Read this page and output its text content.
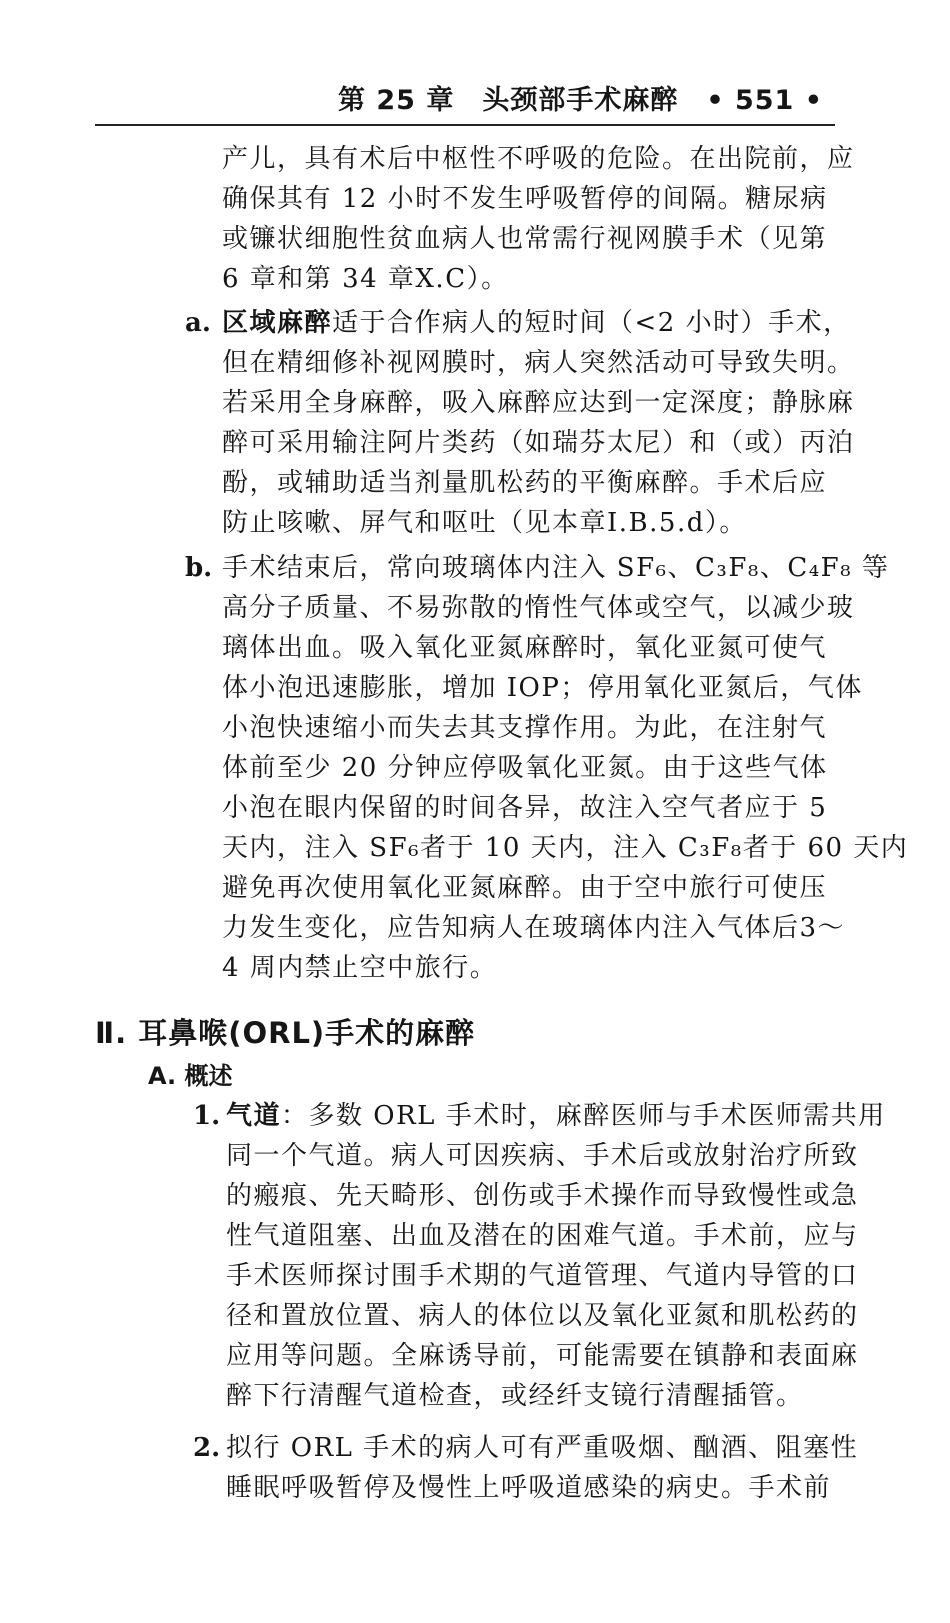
第 25 章　头颈部手术麻醉　• 551 •
产儿，具有术后中枢性不呼吸的危险。在出院前，应
确保其有 12 小时不发生呼吸暂停的间隔。糖尿病
或镰状细胞性贫血病人也常需行视网膜手术（见第
6 章和第 34 章Ⅹ.C）。
a. 区域麻醉适于合作病人的短时间（<2 小时）手术，
但在精细修补视网膜时，病人突然活动可导致失明。
若采用全身麻醉，吸入麻醉应达到一定深度；静脉麻
醉可采用输注阿片类药（如瑞芬太尼）和（或）丙泊
酚，或辅助适当剂量肌松药的平衡麻醉。手术后应
防止咳嗽、屏气和呕吐（见本章Ⅰ.B.5.d）。
b. 手术结束后，常向玻璃体内注入 SF₆、C₃F₈、C₄F₈ 等
高分子质量、不易弥散的惰性气体或空气，以减少玻
璃体出血。吸入氧化亚氮麻醉时，氧化亚氮可使气
体小泡迅速膨胀，增加 IOP；停用氧化亚氮后，气体
小泡快速缩小而失去其支撑作用。为此，在注射气
体前至少 20 分钟应停吸氧化亚氮。由于这些气体
小泡在眼内保留的时间各异，故注入空气者应于 5
天内，注入 SF₆者于 10 天内，注入 C₃F₈者于 60 天内
避免再次使用氧化亚氮麻醉。由于空中旅行可使压
力发生变化，应告知病人在玻璃体内注入气体后3～
4 周内禁止空中旅行。
Ⅱ. 耳鼻喉(ORL)手术的麻醉
A. 概述
1. 气道：多数 ORL 手术时，麻醉医师与手术医师需共用
同一个气道。病人可因疾病、手术后或放射治疗所致
的瘢痕、先天畸形、创伤或手术操作而导致慢性或急
性气道阻塞、出血及潜在的困难气道。手术前，应与
手术医师探讨围手术期的气道管理、气道内导管的口
径和置放位置、病人的体位以及氧化亚氮和肌松药的
应用等问题。全麻诱导前，可能需要在镇静和表面麻
醉下行清醒气道检查，或经纤支镜行清醒插管。
2. 拟行 ORL 手术的病人可有严重吸烟、酗酒、阻塞性
睡眠呼吸暂停及慢性上呼吸道感染的病史。手术前
